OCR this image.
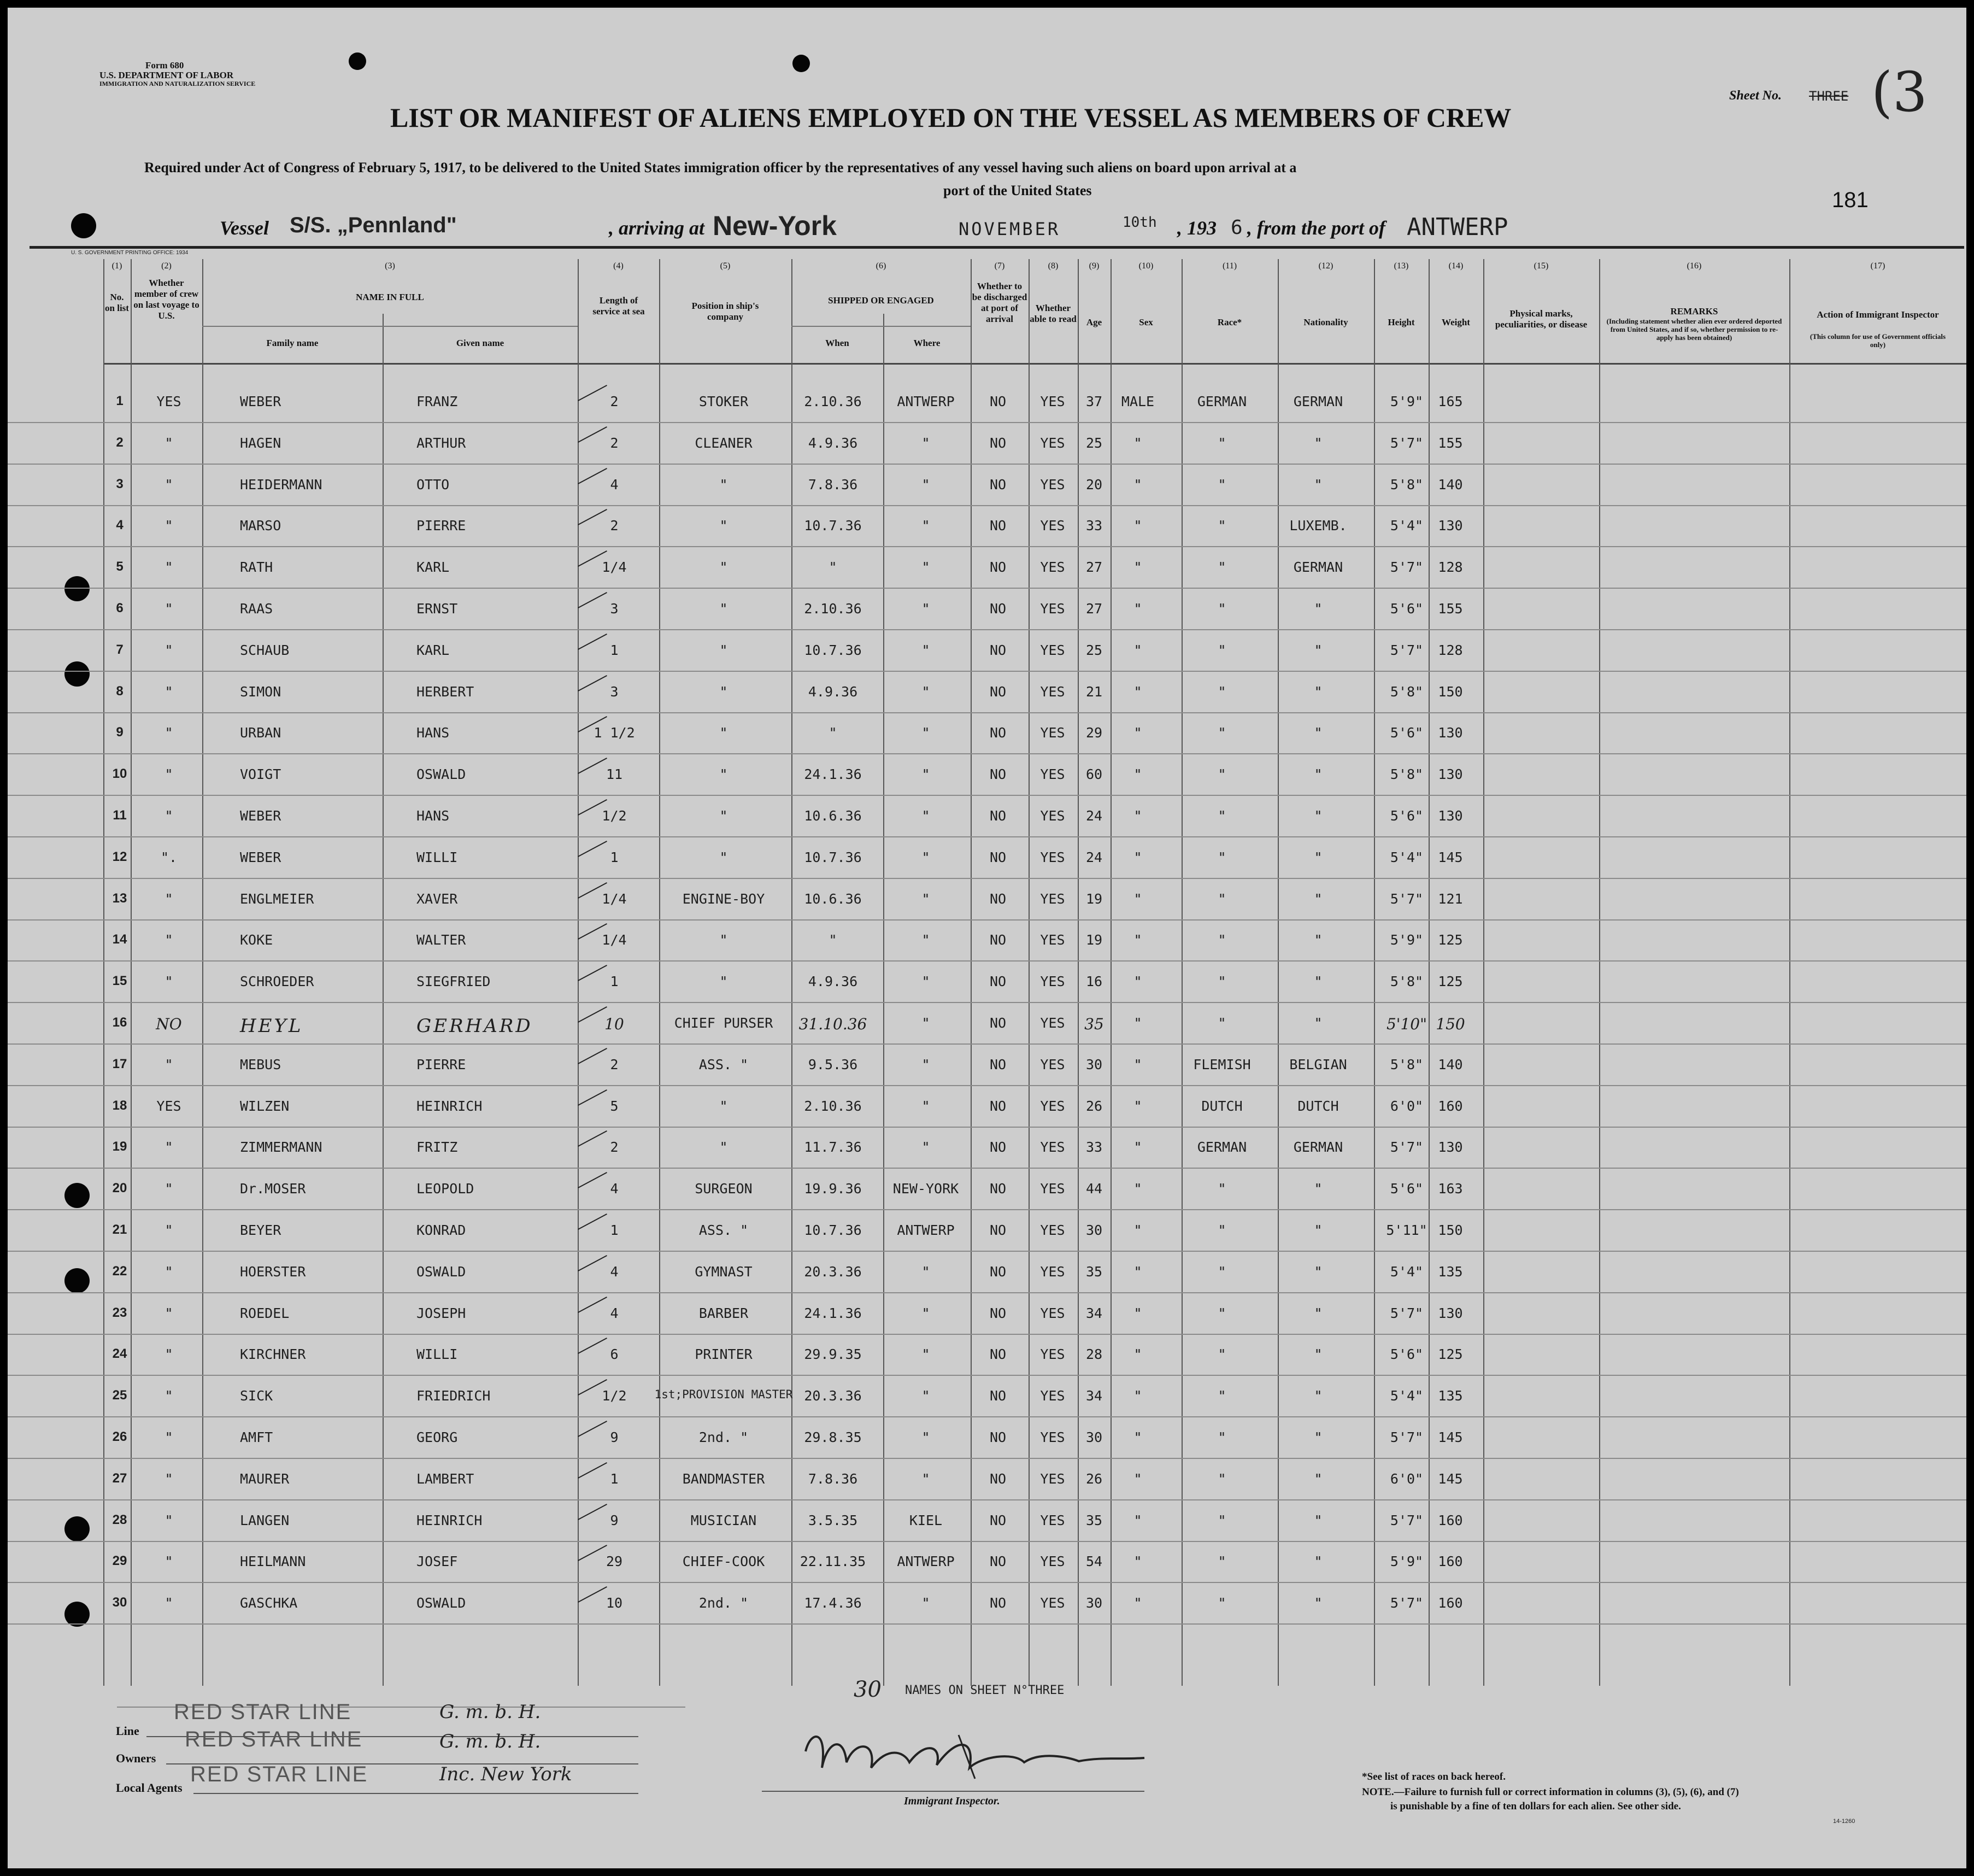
Form 680
U.S. DEPARTMENT OF LABOR
IMMIGRATION AND NATURALIZATION SERVICE
Sheet No. THREE (3
181
LIST OR MANIFEST OF ALIENS EMPLOYED ON THE VESSEL AS MEMBERS OF CREW
Required under Act of Congress of February 5, 1917, to be delivered to the United States immigration officer by the representatives of any vessel having such aliens on board upon arrival at a
port of the United States
Vessel S/S. „Pennland"	, arriving at New-York	NOVEMBER	10th , 193 6 , from the port of ANTWERP
U. S. GOVERNMENT PRINTING OFFICE: 1934
(1)	(2)	(3)	(4)	(5)	(6)	(7)	(8)	(9)	(10)	(11)	(12)	(13)	(14)	(15)	(16)	(17)
No. on list
Whether member of crew on last voyage to U.S.
NAME IN FULL
Family name	Given name
Length of service at sea
Position in ship's company
SHIPPED OR ENGAGED
When	Where
Whether to be discharged at port of arrival
Whether able to read	Age	Sex	Race*	Nationality	Height	Weight
Physical marks, peculiarities, or disease
REMARKS
(Including statement whether alien ever ordered deported from United States, and if so, whether permission to re-apply has been obtained)
Action of Immigrant Inspector
(This column for use of Government officials only)
1 YES	WEBER	FRANZ	2	STOKER	2.10.36	ANTWERP	NO YES 37 MALE	GERMAN	GERMAN	5'9" 165
2	"	HAGEN	ARTHUR	2	CLEANER	4.9.36	"	NO YES 25 "	"	"	5'7" 155
3	"	HEIDERMANN	OTTO	4	"	7.8.36	"	NO YES 20 "	"	"	5'8" 140
4	"	MARSO	PIERRE	2	"	10.7.36	"	NO YES 33 "	"	LUXEMB.	5'4" 130
5	"	RATH	KARL	1/4	"	"	"	NO YES 27 "	"	GERMAN	5'7" 128
6	"	RAAS	ERNST	3	"	2.10.36	"	NO YES 27 "	"	"	5'6" 155
7	"	SCHAUB	KARL	1	"	10.7.36	"	NO YES 25 "	"	"	5'7" 128
8	"	SIMON	HERBERT	3	"	4.9.36	"	NO YES 21 "	"	"	5'8" 150
9	"	URBAN	HANS	1 1/2	"	"	"	NO YES 29 "	"	"	5'6" 130
10	"	VOIGT	OSWALD	11	"	24.1.36	"	NO YES 60 "	"	"	5'8" 130
11	"	WEBER	HANS	1/2	"	10.6.36	"	NO YES 24 "	"	"	5'6" 130
12 ".	WEBER	WILLI	1	"	10.7.36	"	NO YES 24 "	"	"	5'4" 145
13	"	ENGLMEIER	XAVER	1/4	ENGINE-BOY	10.6.36	"	NO YES 19 "	"	"	5'7" 121
14	"	KOKE	WALTER	1/4	"	"	"	NO YES 19 "	"	"	5'9" 125
15	"	SCHROEDER	SIEGFRIED	1	"	4.9.36	"	NO YES 16 "	"	"	5'8" 125
16 NO	HEYL	GERHARD	10	CHIEF PURSER 31.10.36	"	NO YES 35 "	"	"	5'10" 150
17	"	MEBUS	PIERRE	2	ASS. "	9.5.36	"	NO YES 30 "	FLEMISH	BELGIAN	5'8" 140
18 YES	WILZEN	HEINRICH	5	"	2.10.36	"	NO YES 26 "	DUTCH	DUTCH	6'0" 160
19	"	ZIMMERMANN	FRITZ	2	"	11.7.36	"	NO YES 33 "	GERMAN	GERMAN	5'7" 130
20	"	Dr.MOSER	LEOPOLD	4	SURGEON	19.9.36 NEW-YORK NO YES 44 "	"	"	5'6" 163
21	"	BEYER	KONRAD	1	ASS. "	10.7.36	ANTWERP	NO YES 30 "	"	"	5'11" 150
22	"	HOERSTER	OSWALD	4	GYMNAST	20.3.36	"	NO YES 35 "	"	"	5'4" 135
23	"	ROEDEL	JOSEPH	4	BARBER	24.1.36	"	NO YES 34 "	"	"	5'7" 130
24	"	KIRCHNER	WILLI	6	PRINTER	29.9.35	"	NO YES 28 "	"	"	5'6" 125
25	"	SICK	FRIEDRICH	1/2 1st;PROVISION MASTER 20.3.36	"	NO YES 34 "	"	"	5'4" 135
26	"	AMFT	GEORG	9	2nd. "	29.8.35	"	NO YES 30 "	"	"	5'7" 145
27	"	MAURER	LAMBERT	1	BANDMASTER	7.8.36	"	NO YES 26 "	"	"	6'0" 145
28	"	LANGEN	HEINRICH	9	MUSICIAN	3.5.35	KIEL	NO YES 35 "	"	"	5'7" 160
29	"	HEILMANN	JOSEF	29	CHIEF-COOK	22.11.35 ANTWERP	NO YES 54 "	"	"	5'9" 160
30	"	GASCHKA	OSWALD	10	2nd. "	17.4.36	"	NO YES 30 "	"	"	5'7" 160
30 NAMES ON SHEET N°THREE
RED STAR LINE	G. m. b. H.
Line RED STAR LINE	G. m. b. H.
Owners
RED STAR LINE	Inc. New York
Local Agents
Immigrant Inspector.
*See list of races on back hereof.
NOTE.—Failure to furnish full or correct information in columns (3), (5), (6), and (7)
is punishable by a fine of ten dollars for each alien. See other side.
14-1260
